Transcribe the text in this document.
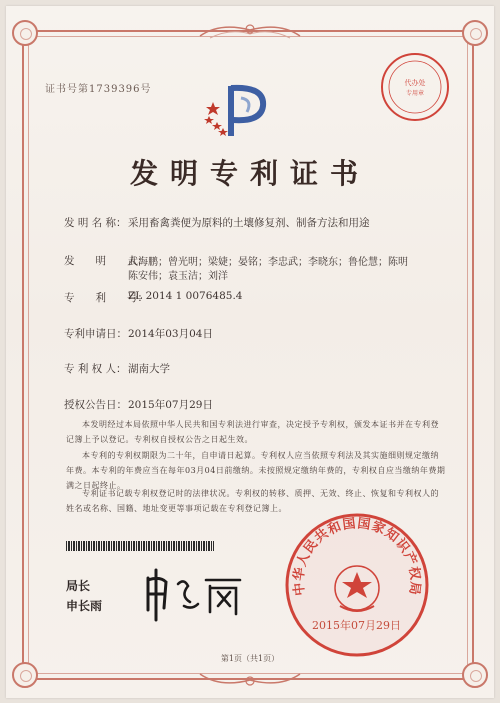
证书号第1739396号
代办处
专用章
发明专利证书
发 明 名 称： 采用畜禽粪便为原料的土壤修复剂、制备方法和用途
发　　明　　人：
武海鹏；曾光明；梁婕；晏铭；李忠武；李晓东；鲁伦慧；陈明
陈安伟；袁玉洁；刘洋
专　　利　　号：
ZL 2014 1 0076485.4
专利申请日： 2014年03月04日
专 利 权 人： 湖南大学
授权公告日： 2015年07月29日
本发明经过本局依照中华人民共和国专利法进行审查，决定授予专利权，颁发本证书并在专利登记簿上予以登记。专利权自授权公告之日起生效。
本专利的专利权期限为二十年，自申请日起算。专利权人应当依照专利法及其实施细则规定缴纳年费。本专利的年费应当在每年03月04日前缴纳。未按照规定缴纳年费的，专利权自应当缴纳年费期满之日起终止。
专利证书记载专利权登记时的法律状况。专利权的转移、质押、无效、终止、恢复和专利权人的姓名或名称、国籍、地址变更等事项记载在专利登记簿上。
局长
申长雨
中华人民共和国国家知识产权局
2015年07月29日
第1页（共1页）
